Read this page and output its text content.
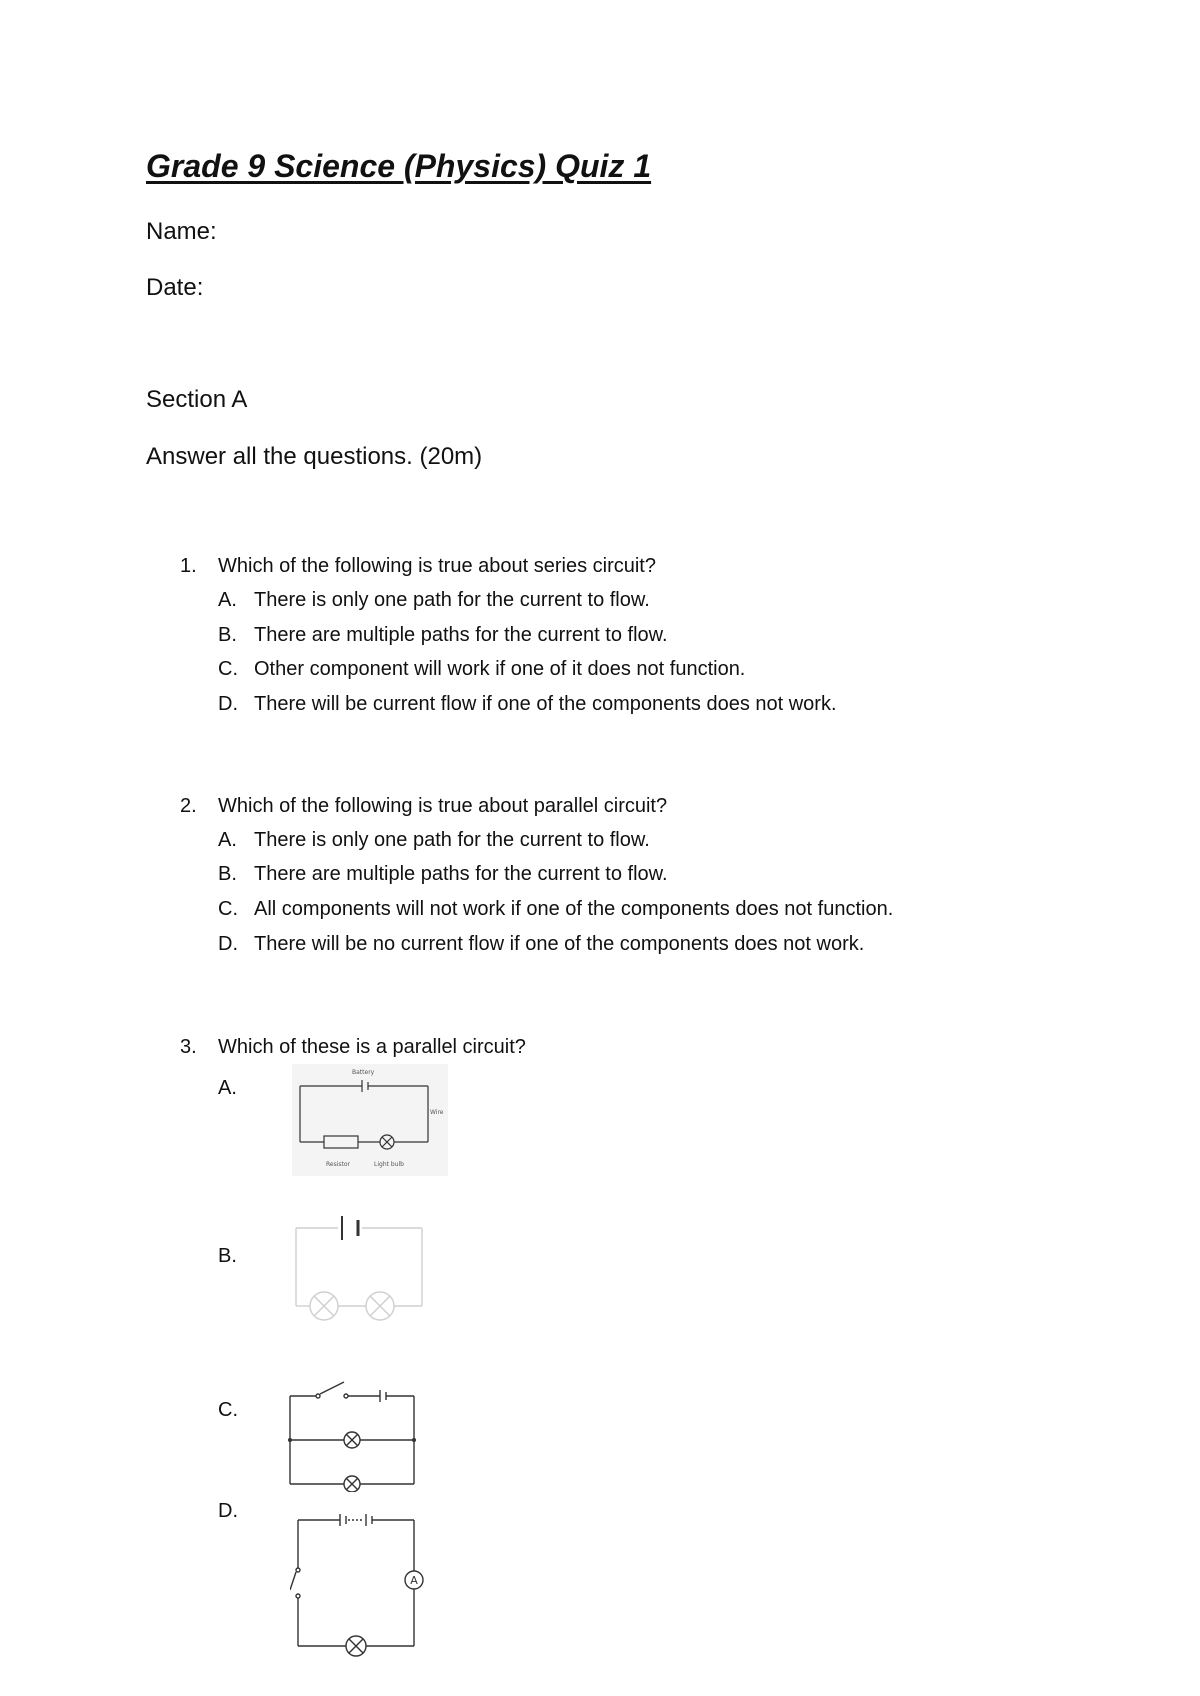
Grade 9 Science (Physics) Quiz 1
Name:
Date:
Section A
Answer all the questions. (20m)
1. Which of the following is true about series circuit?
A. There is only one path for the current to flow.
B. There are multiple paths for the current to flow.
C. Other component will work if one of it does not function.
D. There will be current flow if one of the components does not work.
2. Which of the following is true about parallel circuit?
A. There is only one path for the current to flow.
B. There are multiple paths for the current to flow.
C. All components will not work if one of the components does not function.
D. There will be no current flow if one of the components does not work.
3. Which of these is a parallel circuit?
A.
Battery
Wire
Resistor	Light bulb
B.
C.
D.
A
